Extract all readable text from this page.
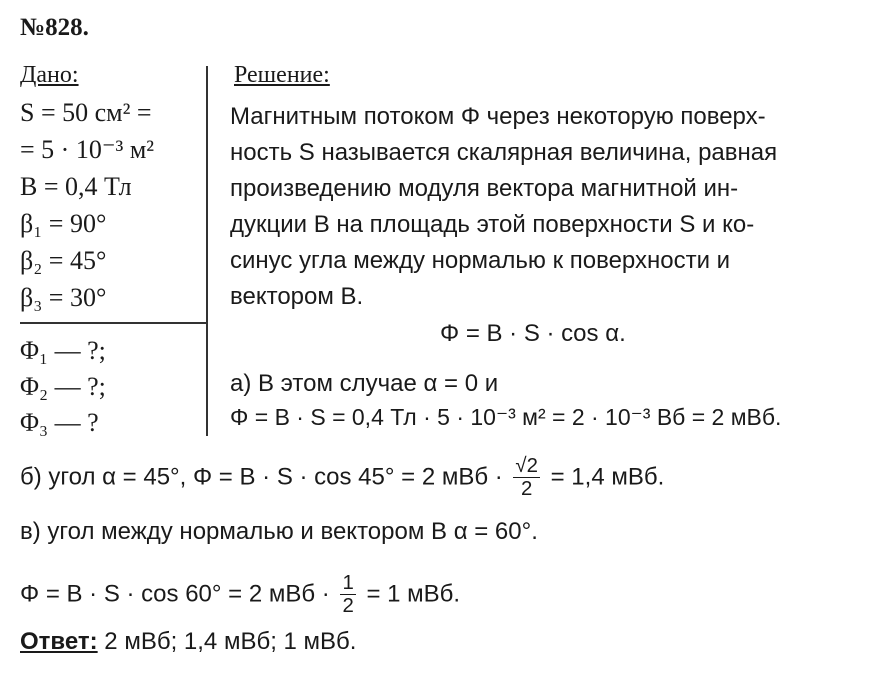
№828.
Дано:	Решение:
S = 50 см² =
= 5 · 10⁻³ м²
B = 0,4 Тл
β₁ = 90°
β₂ = 45°
β₃ = 30°
Φ₁ — ?;
Φ₂ — ?;
Φ₃ — ?
Магнитным потоком Φ через некоторую поверх-
ность S называется скалярная величина, равная
произведению модуля вектора магнитной ин-
дукции B на площадь этой поверхности S и ко-
синус угла между нормалью к поверхности и
вектором B.
Φ = B · S · cos α.
а) В этом случае α = 0 и
Φ = B · S = 0,4 Тл · 5 · 10⁻³ м² = 2 · 10⁻³ Вб = 2 мВб.
б) угол α = 45°, Φ = B · S · cos 45° = 2 мВб · $\frac{√2}{2} = 1,4$ мВб.
в) угол между нормалью и вектором B α = 60°.
Φ = B · S · cos 60° = 2 мВб · $\frac{1}{2} = 1$ мВб.
Ответ: 2 мВб; 1,4 мВб; 1 мВб.
